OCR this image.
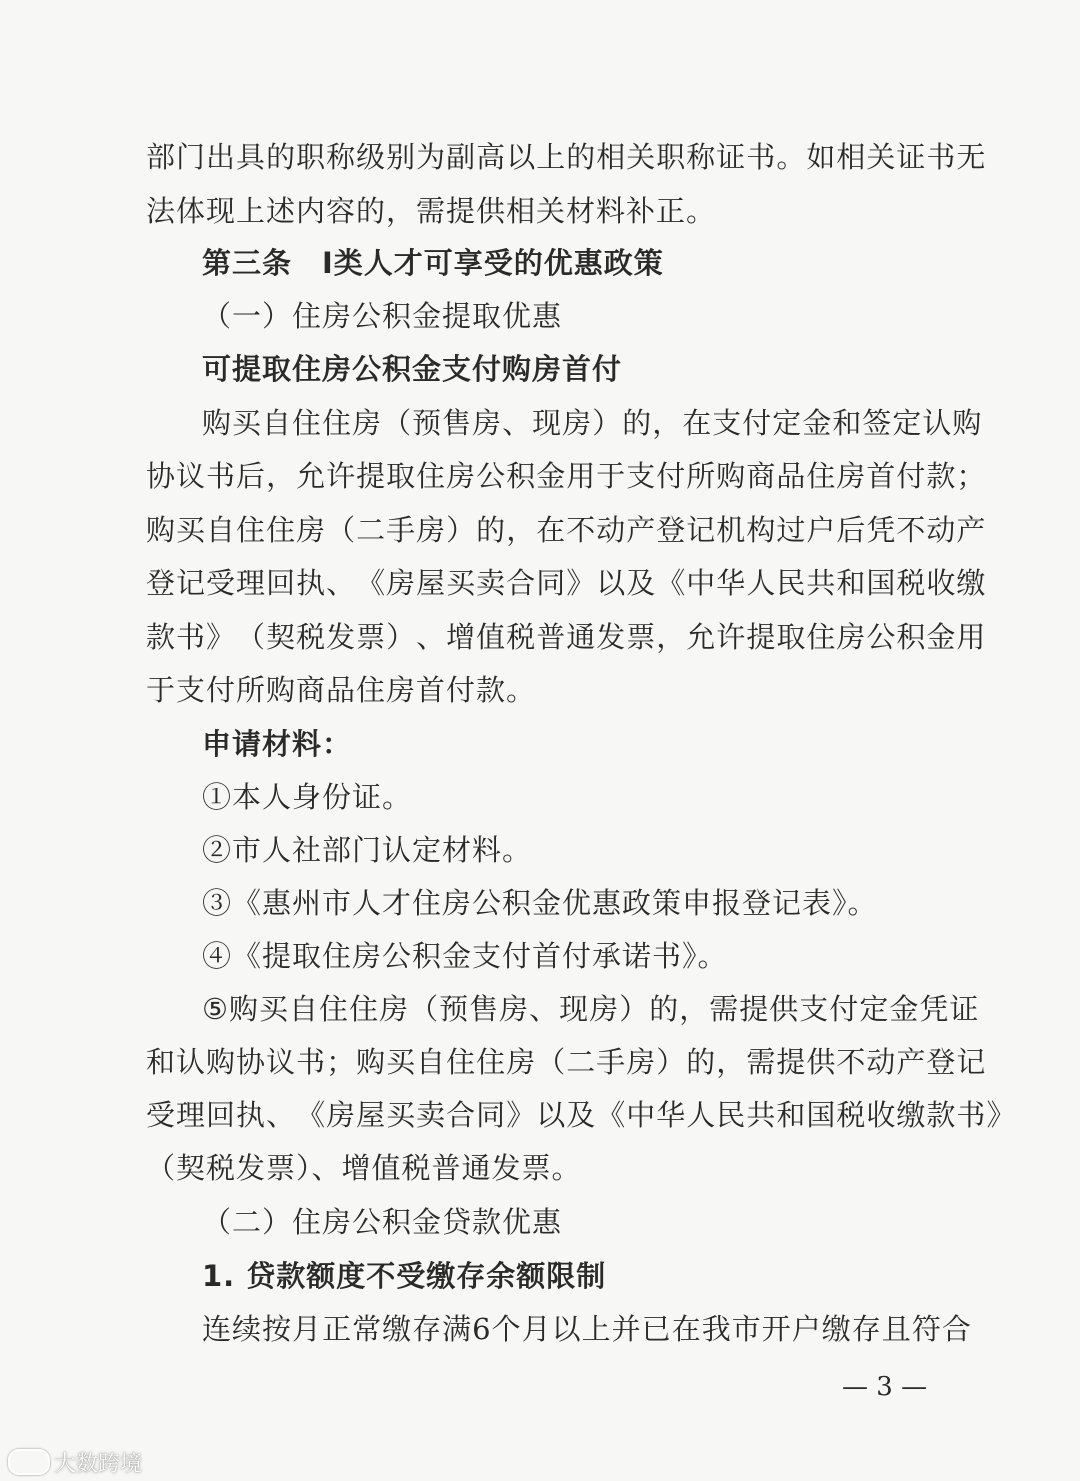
部 门 出 具 的 职 称 级 别 为 副 高 以 上 的 相 关 职 称 证 书 。 如 相 关 证 书 无
法体现上述内容的，需提供相关材料补正。
第三条　Ⅰ类人才可享受的优惠政策
（一）住房公积金提取优惠
可提取住房公积金支付购房首付
购 买 自 住 住 房 （ 预 售 房 、 现 房 ） 的 ， 在 支 付 定 金 和 签 定 认 购
协 议 书 后 ， 允 许 提 取 住 房 公 积 金 用 于 支 付 所 购 商 品 住 房 首 付 款 ；
购 买 自 住 住 房 （ 二 手 房 ） 的 ， 在 不 动 产 登 记 机 构 过 户 后 凭 不 动 产
登 记 受 理 回 执 、 《 房 屋 买 卖 合 同 》 以 及 《 中 华 人 民 共 和 国 税 收 缴
款 书 》 （ 契 税 发 票 ） 、 增 值 税 普 通 发 票 ， 允 许 提 取 住 房 公 积 金 用
于支付所购商品住房首付款。
申请材料：
①本人身份证。
②市人社部门认定材料。
③《惠州市人才住房公积金优惠政策申报登记表》。
④《提取住房公积金支付首付承诺书》。
⑤ 购 买 自 住 住 房 （ 预 售 房 、 现 房 ） 的 ， 需 提 供 支 付 定 金 凭 证
和 认 购 协 议 书 ； 购 买 自 住 住 房 （ 二 手 房 ） 的 ， 需 提 供 不 动 产 登 记
受 理 回 执 、 《 房 屋 买 卖 合 同 》 以 及 《 中 华 人 民 共 和 国 税 收 缴 款 书 》
（契税发票）、增值税普通发票。
（二）住房公积金贷款优惠
1. 贷款额度不受缴存余额限制
连 续 按 月 正 常 缴 存 满 6 个 月 以 上 并 已 在 我 市 开 户 缴 存 且 符 合
— 3 —
大数跨境
